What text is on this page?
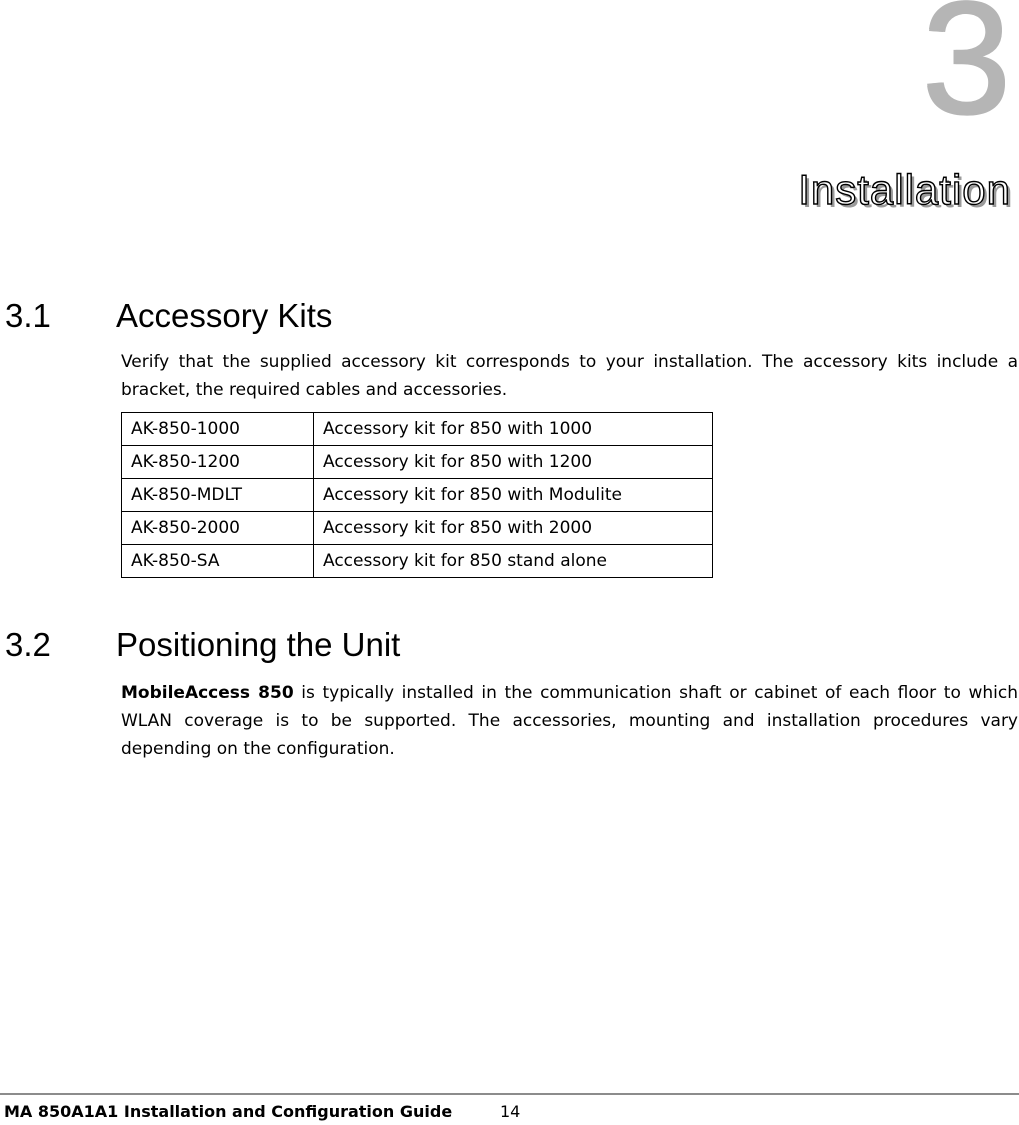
3
Installation
3.1 Accessory Kits

Verify that the supplied accessory kit corresponds to your installation. The accessory kits include a bracket, the required cables and accessories.

AK-850-1000	Accessory kit for 850 with 1000
AK-850-1200	Accessory kit for 850 with 1200
AK-850-MDLT	Accessory kit for 850 with Modulite
AK-850-2000	Accessory kit for 850 with 2000
AK-850-SA	Accessory kit for 850 stand alone
3.2 Positioning the Unit

MobileAccess 850 is typically installed in the communication shaft or cabinet of each floor to which WLAN coverage is to be supported. The accessories, mounting and installation procedures vary depending on the configuration.

MA 850A1A1 Installation and Configuration Guide	14
